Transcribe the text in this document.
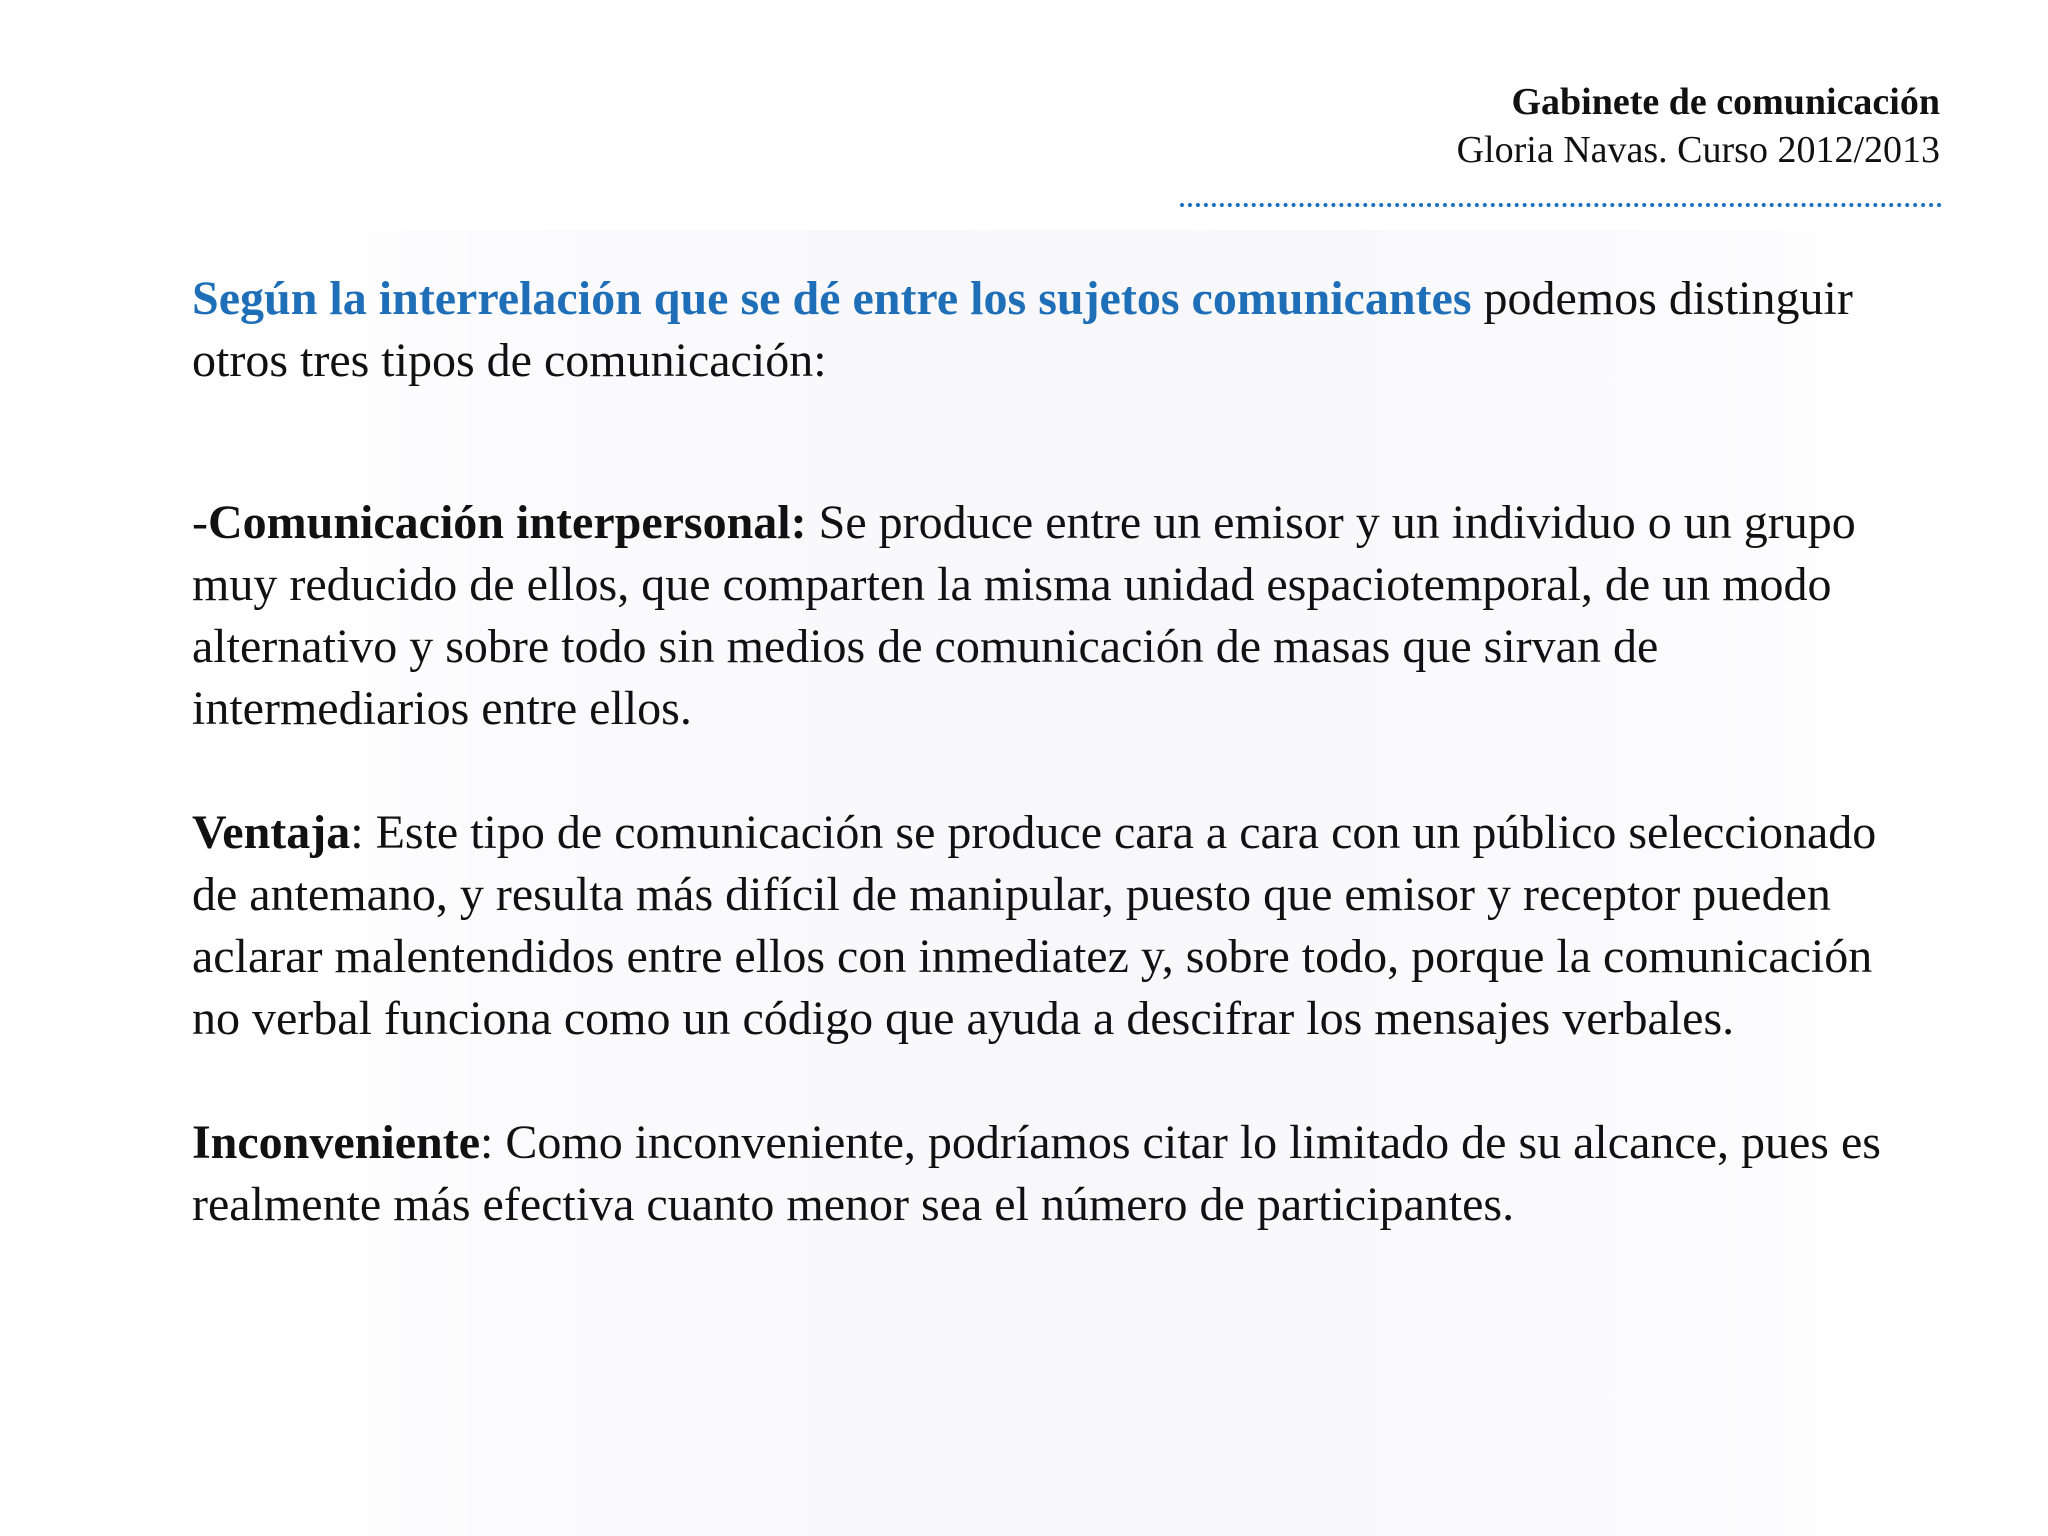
Gabinete de comunicación
Gloria Navas. Curso 2012/2013

Según la interrelación que se dé entre los sujetos comunicantes podemos distinguir otros tres tipos de comunicación:

-Comunicación interpersonal: Se produce entre un emisor y un individuo o un grupo muy reducido de ellos, que comparten la misma unidad espaciotemporal, de un modo alternativo y sobre todo sin medios de comunicación de masas que sirvan de intermediarios entre ellos.

Ventaja: Este tipo de comunicación se produce cara a cara con un público seleccionado de antemano, y resulta más difícil de manipular, puesto que emisor y receptor pueden aclarar malentendidos entre ellos con inmediatez y, sobre todo, porque la comunicación no verbal funciona como un código que ayuda a descifrar los mensajes verbales.

Inconveniente: Como inconveniente, podríamos citar lo limitado de su alcance, pues es realmente más efectiva cuanto menor sea el número de participantes.
